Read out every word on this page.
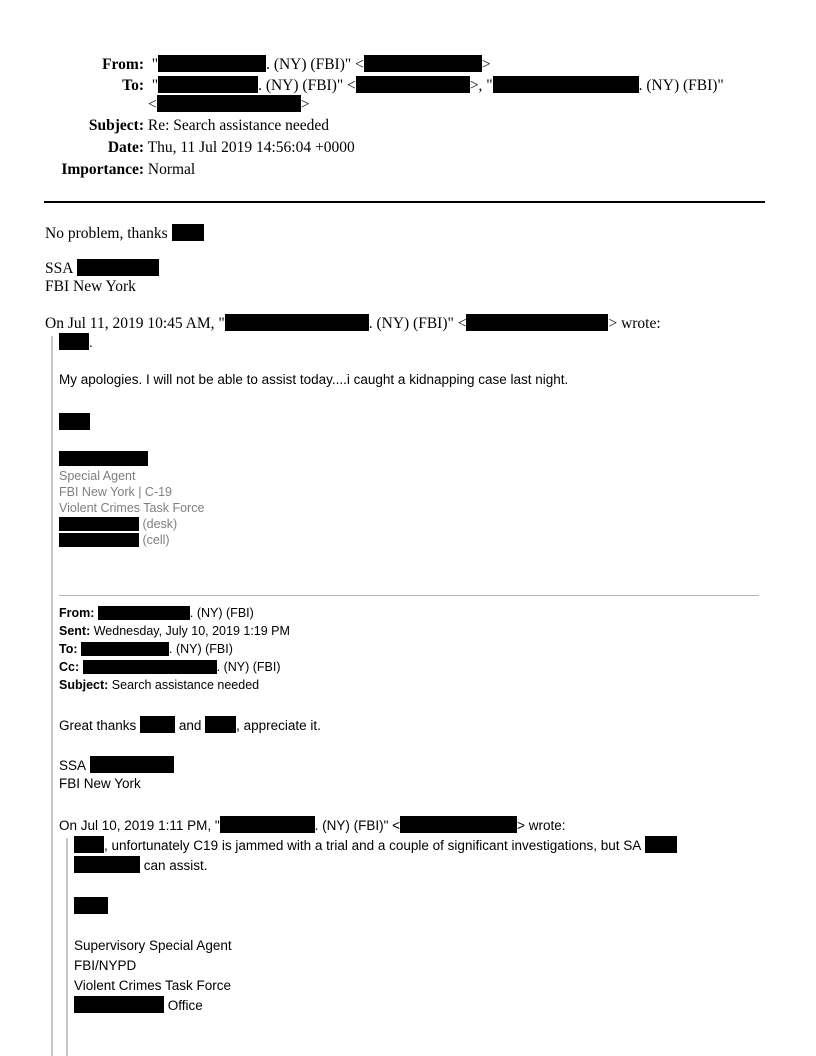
From:  "	. (NY) (FBI)" <	>
To:  "	. (NY) (FBI)" <	>, "	. (NY) (FBI)"
<	>
Subject: Re: Search assistance needed
Date: Thu, 11 Jul 2019 14:56:04 +0000
Importance: Normal
No problem, thanks
SSA
FBI New York
On Jul 11, 2019 10:45 AM, "	. (NY) (FBI)" <	> wrote:
.
My apologies. I will not be able to assist today....i caught a kidnapping case last night.
Special Agent
FBI New York | C-19
Violent Crimes Task Force
(desk)
(cell)
From:	. (NY) (FBI)
Sent: Wednesday, July 10, 2019 1:19 PM
To:	. (NY) (FBI)
Cc:	. (NY) (FBI)
Subject: Search assistance needed
Great thanks	and	, appreciate it.
SSA
FBI New York
On Jul 10, 2019 1:11 PM, "	. (NY) (FBI)" <	> wrote:
, unfortunately C19 is jammed with a trial and a couple of significant investigations, but SA
can assist.
Supervisory Special Agent
FBI/NYPD
Violent Crimes Task Force
Office
